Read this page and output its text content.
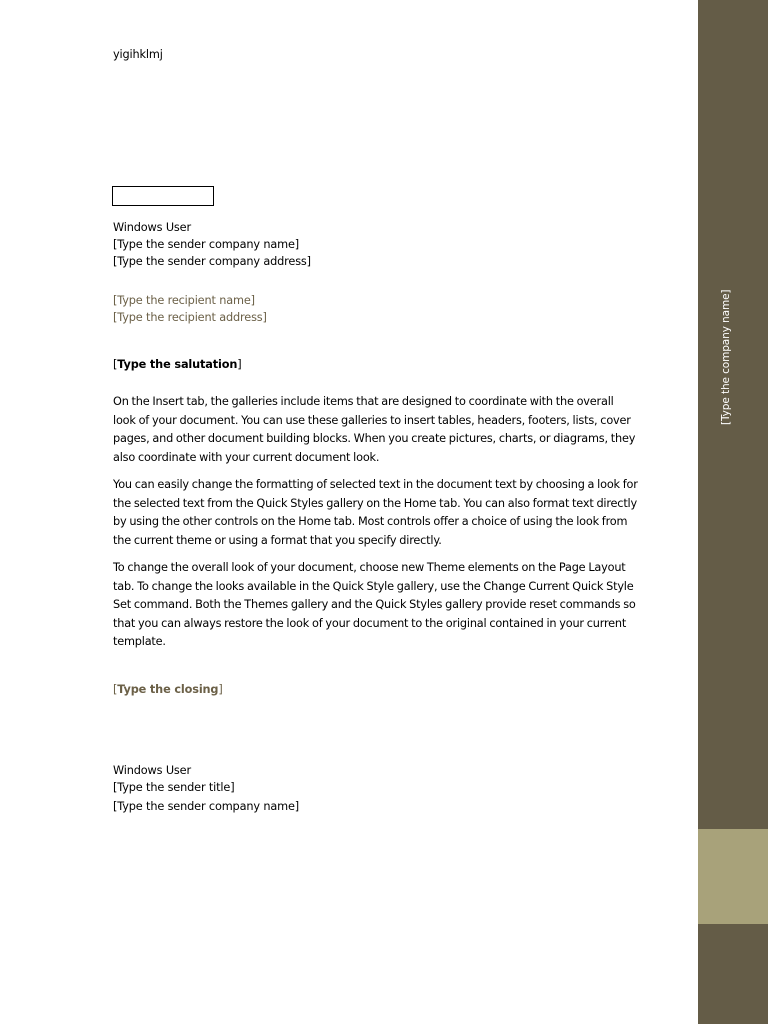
yigihklmj
Windows User
[Type the sender company name]
[Type the sender company address]
[Type the recipient name]
[Type the recipient address]
[Type the salutation]
On the Insert tab, the galleries include items that are designed to coordinate with the overall look of your document. You can use these galleries to insert tables, headers, footers, lists, cover pages, and other document building blocks. When you create pictures, charts, or diagrams, they also coordinate with your current document look.
You can easily change the formatting of selected text in the document text by choosing a look for the selected text from the Quick Styles gallery on the Home tab. You can also format text directly by using the other controls on the Home tab. Most controls offer a choice of using the look from the current theme or using a format that you specify directly.
To change the overall look of your document, choose new Theme elements on the Page Layout tab. To change the looks available in the Quick Style gallery, use the Change Current Quick Style Set command. Both the Themes gallery and the Quick Styles gallery provide reset commands so that you can always restore the look of your document to the original contained in your current template.
[Type the closing]
Windows User
[Type the sender title]
[Type the sender company name]
[Type the company name]
